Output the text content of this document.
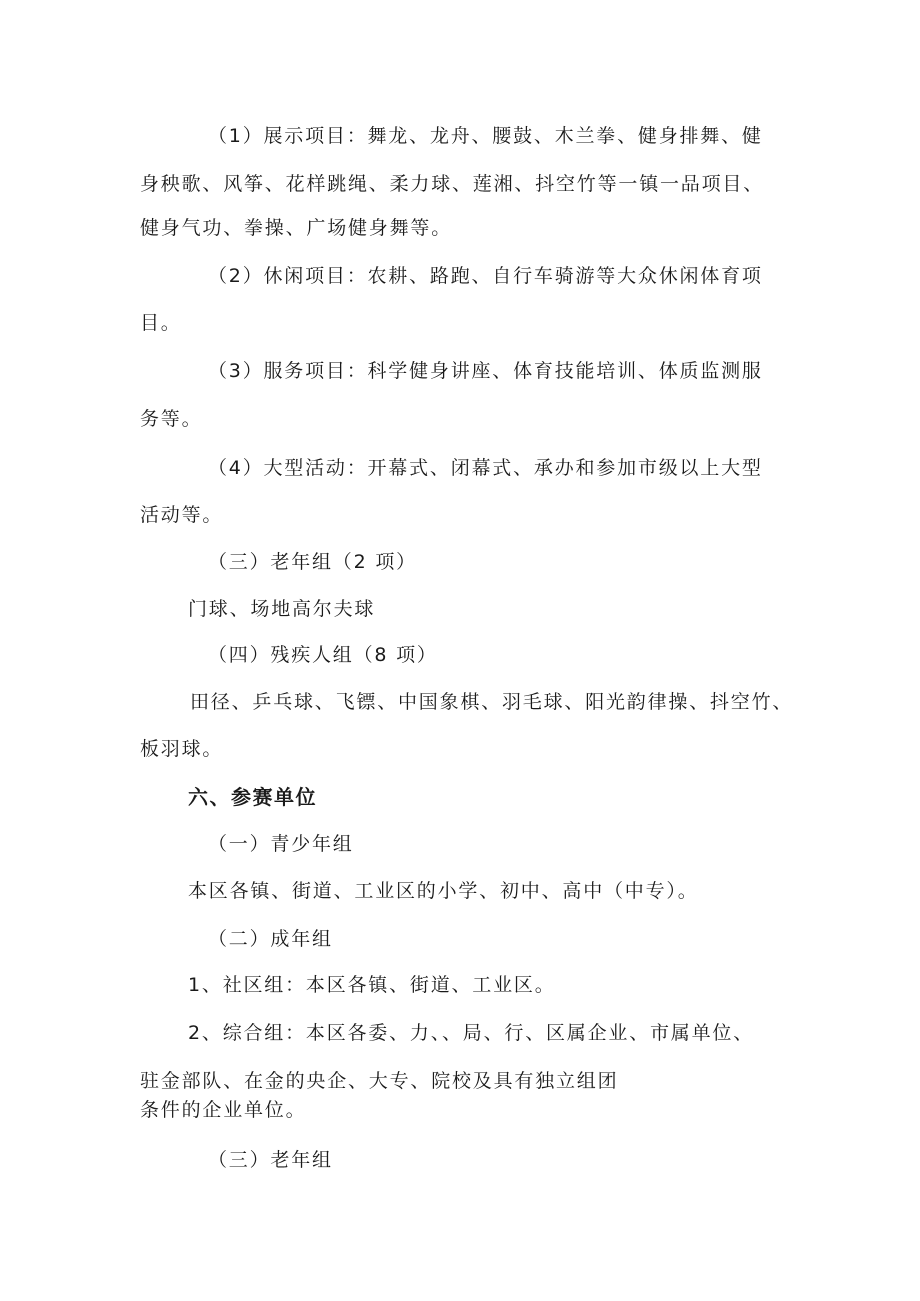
（1）展示项目：舞龙、龙舟、腰鼓、木兰拳、健身排舞、健

身秧歌、风筝、花样跳绳、柔力球、莲湘、抖空竹等一镇一品项目、

健身气功、拳操、广场健身舞等。

（2）休闲项目：农耕、路跑、自行车骑游等大众休闲体育项

目。

（3）服务项目：科学健身讲座、体育技能培训、体质监测服

务等。

（4）大型活动：开幕式、闭幕式、承办和参加市级以上大型

活动等。

（三）老年组（2 项）

门球、场地高尔夫球

（四）残疾人组（8 项）

田径、乒乓球、飞镖、中国象棋、羽毛球、阳光韵律操、抖空竹、

板羽球。

六、参赛单位

（一）青少年组

本区各镇、街道、工业区的小学、初中、高中（中专）。

（二）成年组

1、社区组：本区各镇、街道、工业区。

2、综合组：本区各委、力、、局、行、区属企业、市属单位、

驻金部队、在金的央企、大专、院校及具有独立组团

条件的企业单位。

（三）老年组
